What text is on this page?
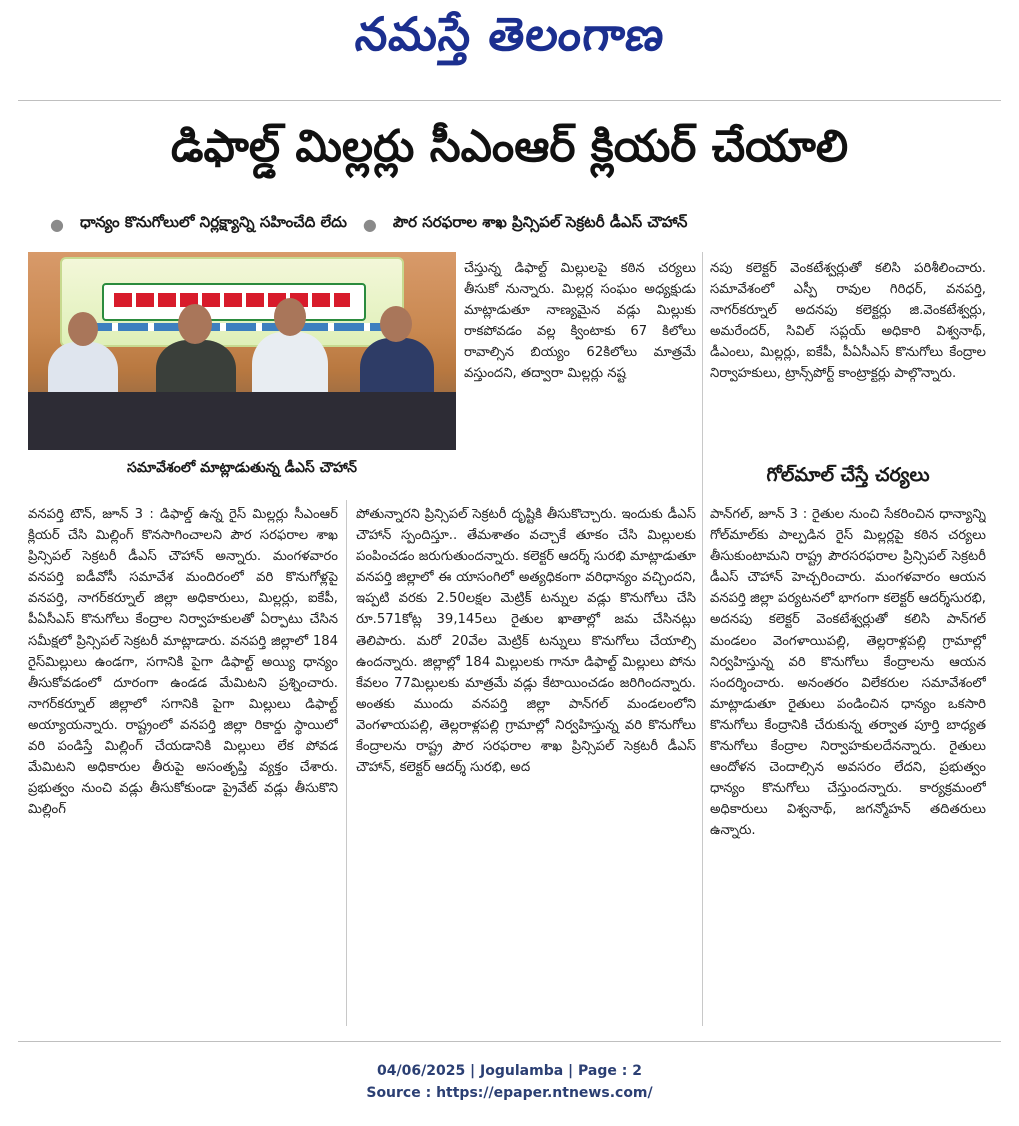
నమస్తే తెలంగాణ
డిఫాల్డ్ మిల్లర్లు సీఎంఆర్ క్లియర్ చేయాలి
● ధాన్యం కొనుగోలులో నిర్లక్ష్యాన్ని సహించేది లేదు ● పౌర సరఫరాల శాఖ ప్రిన్సిపల్ సెక్రటరీ డీఎస్ చౌహాన్
సమావేశంలో మాట్లాడుతున్న డీఎస్ చౌహాన్

చేస్తున్న డిఫాల్ట్ మిల్లులపై కఠిన చర్యలు తీసుకో నున్నారు. మిల్లర్ల సంఘం అధ్యక్షుడు మాట్లాడుతూ నాణ్యమైన వడ్లు మిల్లుకు రాకపోవడం వల్ల క్వింటాకు 67 కిలోలు రావాల్సిన బియ్యం 62కిలోలు మాత్రమే వస్తుందని, తద్వారా మిల్లర్లు నష్ట

నపు కలెక్టర్ వెంకటేశ్వర్లుతో కలిసి పరిశీలించారు. సమావేశంలో ఎస్పీ రావుల గిరిధర్, వనపర్తి, నాగర్‌కర్నూల్ అదనపు కలెక్టర్లు జి.వెంకటేశ్వర్లు, అమరేందర్, సివిల్ సప్లయ్ అధికారి విశ్వనాథ్, డీఎంలు, మిల్లర్లు, ఐకేపీ, పీఏసీఎస్ కొనుగోలు కేంద్రాల నిర్వాహకులు, ట్రాన్స్‌పోర్ట్ కాంట్రాక్టర్లు పాల్గొన్నారు.

గోల్‌మాల్ చేస్తే చర్యలు

వనపర్తి టౌన్, జూన్ 3 : డిఫాల్డ్ ఉన్న రైస్ మిల్లర్లు సీఎంఆర్ క్లియర్ చేసి మిల్లింగ్ కొనసాగించాలని పౌర సరఫరాల శాఖ ప్రిన్సిపల్ సెక్రటరీ డీఎస్ చౌహాన్ అన్నారు. మంగళవారం వనపర్తి ఐడీవోసీ సమావేశ మందిరంలో వరి కొనుగోళ్లపై వనపర్తి, నాగర్‌కర్నూల్ జిల్లా అధికారులు, మిల్లర్లు, ఐకేపీ, పీఏసీఎస్ కొనుగోలు కేంద్రాల నిర్వాహకులతో ఏర్పాటు చేసిన సమీక్షలో ప్రిన్సిపల్ సెక్రటరీ మాట్లాడారు. వనపర్తి జిల్లాలో 184 రైస్‌మిల్లులు ఉండగా, సగానికి పైగా డిఫాల్ట్ అయ్యి ధాన్యం తీసుకోవడంలో దూరంగా ఉండడ మేమిటని ప్రశ్నించారు. నాగర్‌కర్నూల్ జిల్లాలో సగానికి పైగా మిల్లులు డిఫాల్ట్ అయ్యాయన్నారు. రాష్ట్రంలో వనపర్తి జిల్లా రికార్డు స్థాయిలో వరి పండిస్తే మిల్లింగ్ చేయడానికి మిల్లులు లేక పోవడ మేమిటని అధికారుల తీరుపై అసంతృప్తి వ్యక్తం చేశారు. ప్రభుత్వం నుంచి వడ్లు తీసుకోకుండా ప్రైవేట్ వడ్లు తీసుకొని మిల్లింగ్

పోతున్నారని ప్రిన్సిపల్ సెక్రటరీ దృష్టికి తీసుకొచ్చారు. ఇందుకు డీఎస్ చౌహాన్ స్పందిస్తూ.. తేమశాతం వచ్చాకే తూకం చేసి మిల్లులకు పంపించడం జరుగుతుందన్నారు. కలెక్టర్ ఆదర్శ్ సురభి మాట్లాడుతూ వనపర్తి జిల్లాలో ఈ యాసంగిలో అత్యధికంగా వరిధాన్యం వచ్చిందని, ఇప్పటి వరకు 2.50లక్షల మెట్రిక్ టన్నుల వడ్లు కొనుగోలు చేసి రూ.571కోట్ల 39,145లు రైతుల ఖాతాల్లో జమ చేసినట్లు తెలిపారు. మరో 20వేల మెట్రిక్ టన్నులు కొనుగోలు చేయాల్సి ఉందన్నారు. జిల్లాల్లో 184 మిల్లులకు గానూ డిఫాల్ట్ మిల్లులు పోను కేవలం 77మిల్లులకు మాత్రమే వడ్లు కేటాయించడం జరిగిందన్నారు. అంతకు ముందు వనపర్తి జిల్లా పాన్‌గల్ మండలంలోని వెంగళాయపల్లి, తెల్లరాళ్లపల్లి గ్రామాల్లో నిర్వహిస్తున్న వరి కొనుగోలు కేంద్రాలను రాష్ట్ర పౌర సరఫరాల శాఖ ప్రిన్సిపల్ సెక్రటరీ డీఎస్ చౌహాన్, కలెక్టర్ ఆదర్శ్ సురభి, అద

పాన్‌గల్, జూన్ 3 : రైతుల నుంచి సేకరించిన ధాన్యాన్ని గోల్‌మాల్‌కు పాల్పడిన రైస్ మిల్లర్లపై కఠిన చర్యలు తీసుకుంటామని రాష్ట్ర పౌరసరఫరాల ప్రిన్సిపల్ సెక్రటరీ డీఎస్ చౌహాన్ హెచ్చరించారు. మంగళవారం ఆయన వనపర్తి జిల్లా పర్యటనలో భాగంగా కలెక్టర్ ఆదర్శ్‌సురభి, అదనపు కలెక్టర్ వెంకటేశ్వర్లుతో కలిసి పాన్‌గల్ మండలం వెంగళాయిపల్లి, తెల్లరాళ్లపల్లి గ్రామాల్లో నిర్వహిస్తున్న వరి కొనుగోలు కేంద్రాలను ఆయన సందర్శించారు. అనంతరం విలేకరుల సమావేశంలో మాట్లాడుతూ రైతులు పండించిన ధాన్యం ఒకసారి కొనుగోలు కేంద్రానికి చేరుకున్న తర్వాత పూర్తి బాధ్యత కొనుగోలు కేంద్రాల నిర్వాహకులదేనన్నారు. రైతులు ఆందోళన చెందాల్సిన అవసరం లేదని, ప్రభుత్వం ధాన్యం కొనుగోలు చేస్తుందన్నారు. కార్యక్రమంలో అధికారులు విశ్వనాథ్, జగన్మోహన్ తదితరులు ఉన్నారు.

04/06/2025 | Jogulamba | Page : 2
Source : https://epaper.ntnews.com/
